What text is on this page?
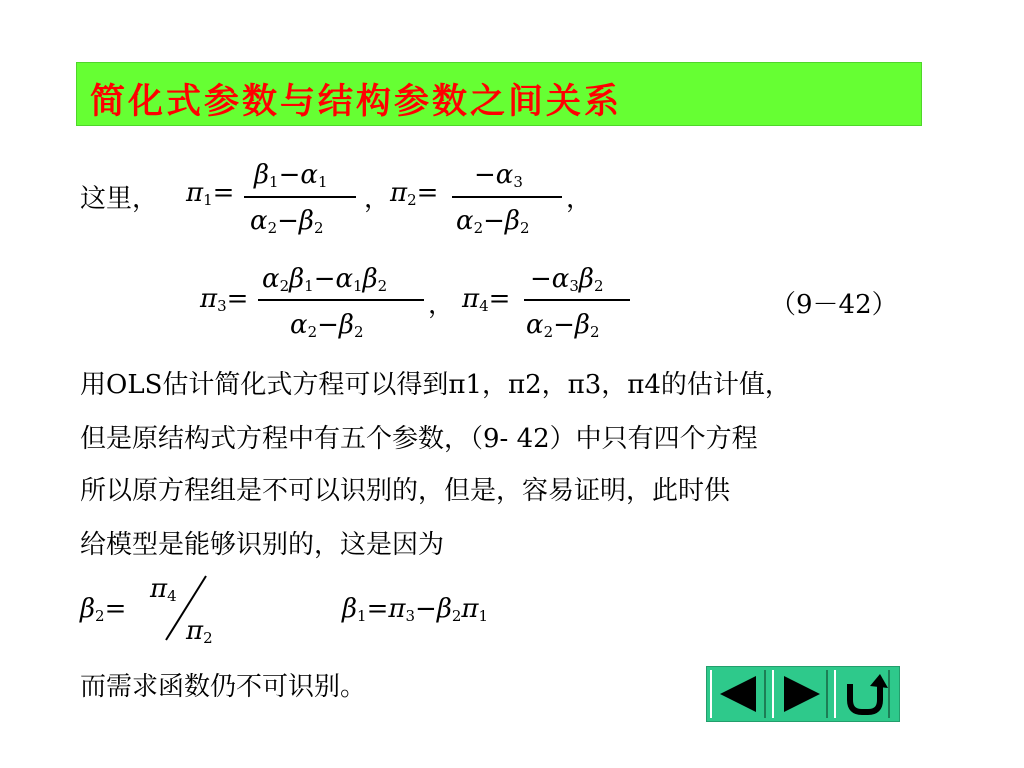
简化式参数与结构参数之间关系
这里， $\pi_1=$
$\beta_1-\alpha_1$
$\alpha_2-\beta_2$
， $\pi_2=$
$-\alpha_3$
$\alpha_2-\beta_2$
，
$\pi_3=$
$\alpha_2\beta_1-\alpha_1\beta_2$
$\alpha_2-\beta_2$
， $\pi_4=$
$-\alpha_3\beta_2$
$\alpha_2-\beta_2$
（9－42）
用OLS估计简化式方程可以得到π1，π2，π3，π4的估计值，
但是原结构式方程中有五个参数，（9- 42）中只有四个方程
所以原方程组是不可以识别的，但是，容易证明，此时供
给模型是能够识别的，这是因为
$\beta_2=$
$\pi_4$
$\pi_2$
$\beta_1=\pi_3-\beta_2\pi_1$
而需求函数仍不可识别。
